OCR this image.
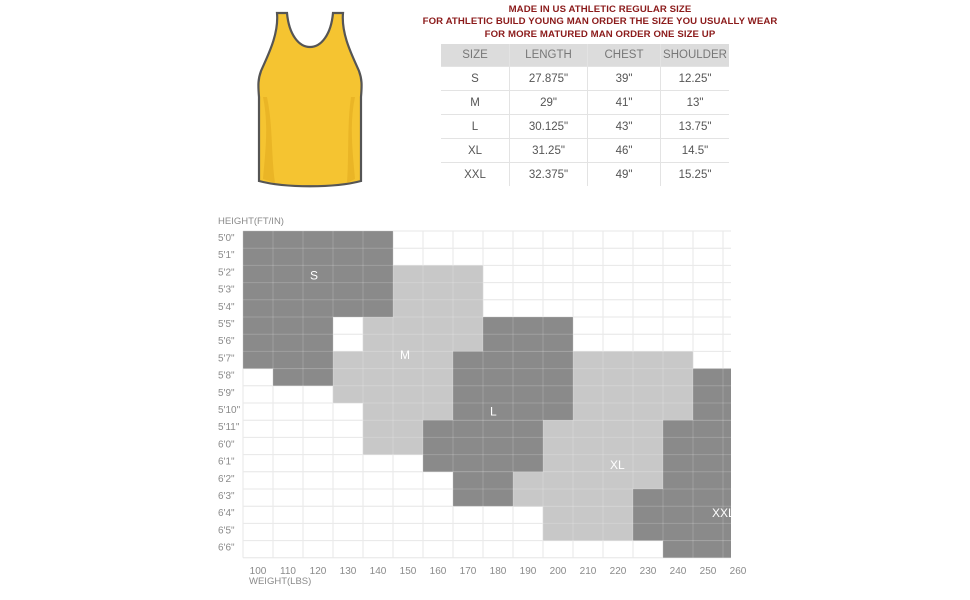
MADE IN US ATHLETIC REGULAR SIZE
FOR ATHLETIC BUILD YOUNG MAN ORDER THE SIZE YOU USUALLY WEAR
FOR MORE MATURED MAN ORDER ONE SIZE UP
SIZE	LENGTH	CHEST	SHOULDER
S	27.875"	39"	12.25"
M	29"	41"	13"
L	30.125"	43"	13.75"
XL	31.25"	46"	14.5"
XXL	32.375"	49"	15.25"
S
M
L
XL
XXL
5'0"
5'1"
5'2"
5'3"
5'4"
5'5"
5'6"
5'7"
5'8"
5'9"
5'10"
5'11"
6'0"
6'1"
6'2"
6'3"
6'4"
6'5"
6'6"
100 110 120 130 140 150 160 170 180 190 200 210 220 230 240 250 260
HEIGHT(FT/IN)
WEIGHT(LBS)
